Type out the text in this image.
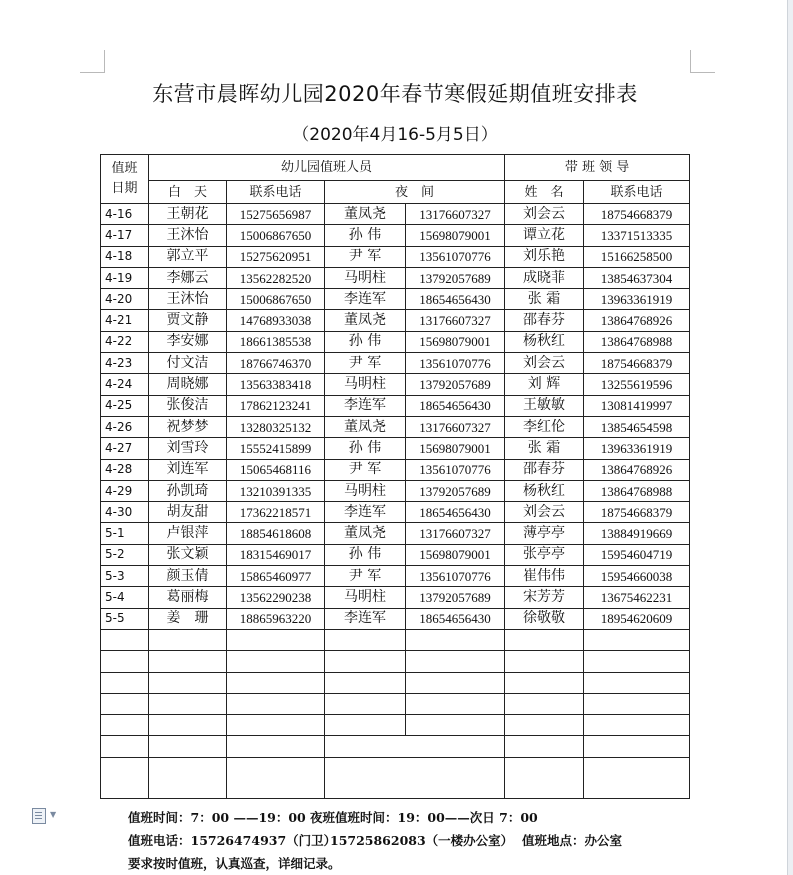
东营市晨晖幼儿园2020年春节寒假延期值班安排表
（2020年4月16-5月5日）
值班日期	幼儿园值班人员				带 班 领 导	
	白　天	联系电话	夜　间		姓　名	联系电话
4-16	王朝花	15275656987	董凤尧	13176607327	刘会云	18754668379
4-17	王沐怡	15006867650	孙 伟	15698079001	谭立花	13371513335
4-18	郭立平	15275620951	尹 军	13561070776	刘乐艳	15166258500
4-19	李娜云	13562282520	马明柱	13792057689	成晓菲	13854637304
4-20	王沐怡	15006867650	李连军	18654656430	张 霜	13963361919
4-21	贾文静	14768933038	董凤尧	13176607327	邵春芬	13864768926
4-22	李安娜	18661385538	孙 伟	15698079001	杨秋红	13864768988
4-23	付文洁	18766746370	尹 军	13561070776	刘会云	18754668379
4-24	周晓娜	13563383418	马明柱	13792057689	刘 辉	13255619596
4-25	张俊洁	17862123241	李连军	18654656430	王敏敏	13081419997
4-26	祝梦梦	13280325132	董凤尧	13176607327	李红伦	13854654598
4-27	刘雪玲	15552415899	孙 伟	15698079001	张 霜	13963361919
4-28	刘连军	15065468116	尹 军	13561070776	邵春芬	13864768926
4-29	孙凯琦	13210391335	马明柱	13792057689	杨秋红	13864768988
4-30	胡友甜	17362218571	李连军	18654656430	刘会云	18754668379
5-1	卢银萍	18854618608	董凤尧	13176607327	薄亭亭	13884919669
5-2	张文颖	18315469017	孙 伟	15698079001	张亭亭	15954604719
5-3	颜玉倩	15865460977	尹 军	13561070776	崔伟伟	15954660038
5-4	葛丽梅	13562290238	马明柱	13792057689	宋芳芳	13675462231
5-5	姜　珊	18865963220	李连军	18654656430	徐敬敬	18954620609

▼	值班时间：7：00 ——19：00 夜班值班时间：19：00——次日 7：00
值班电话：15726474937（门卫）15725862083（一楼办公室） 值班地点：办公室
要求按时值班，认真巡查，详细记录。
